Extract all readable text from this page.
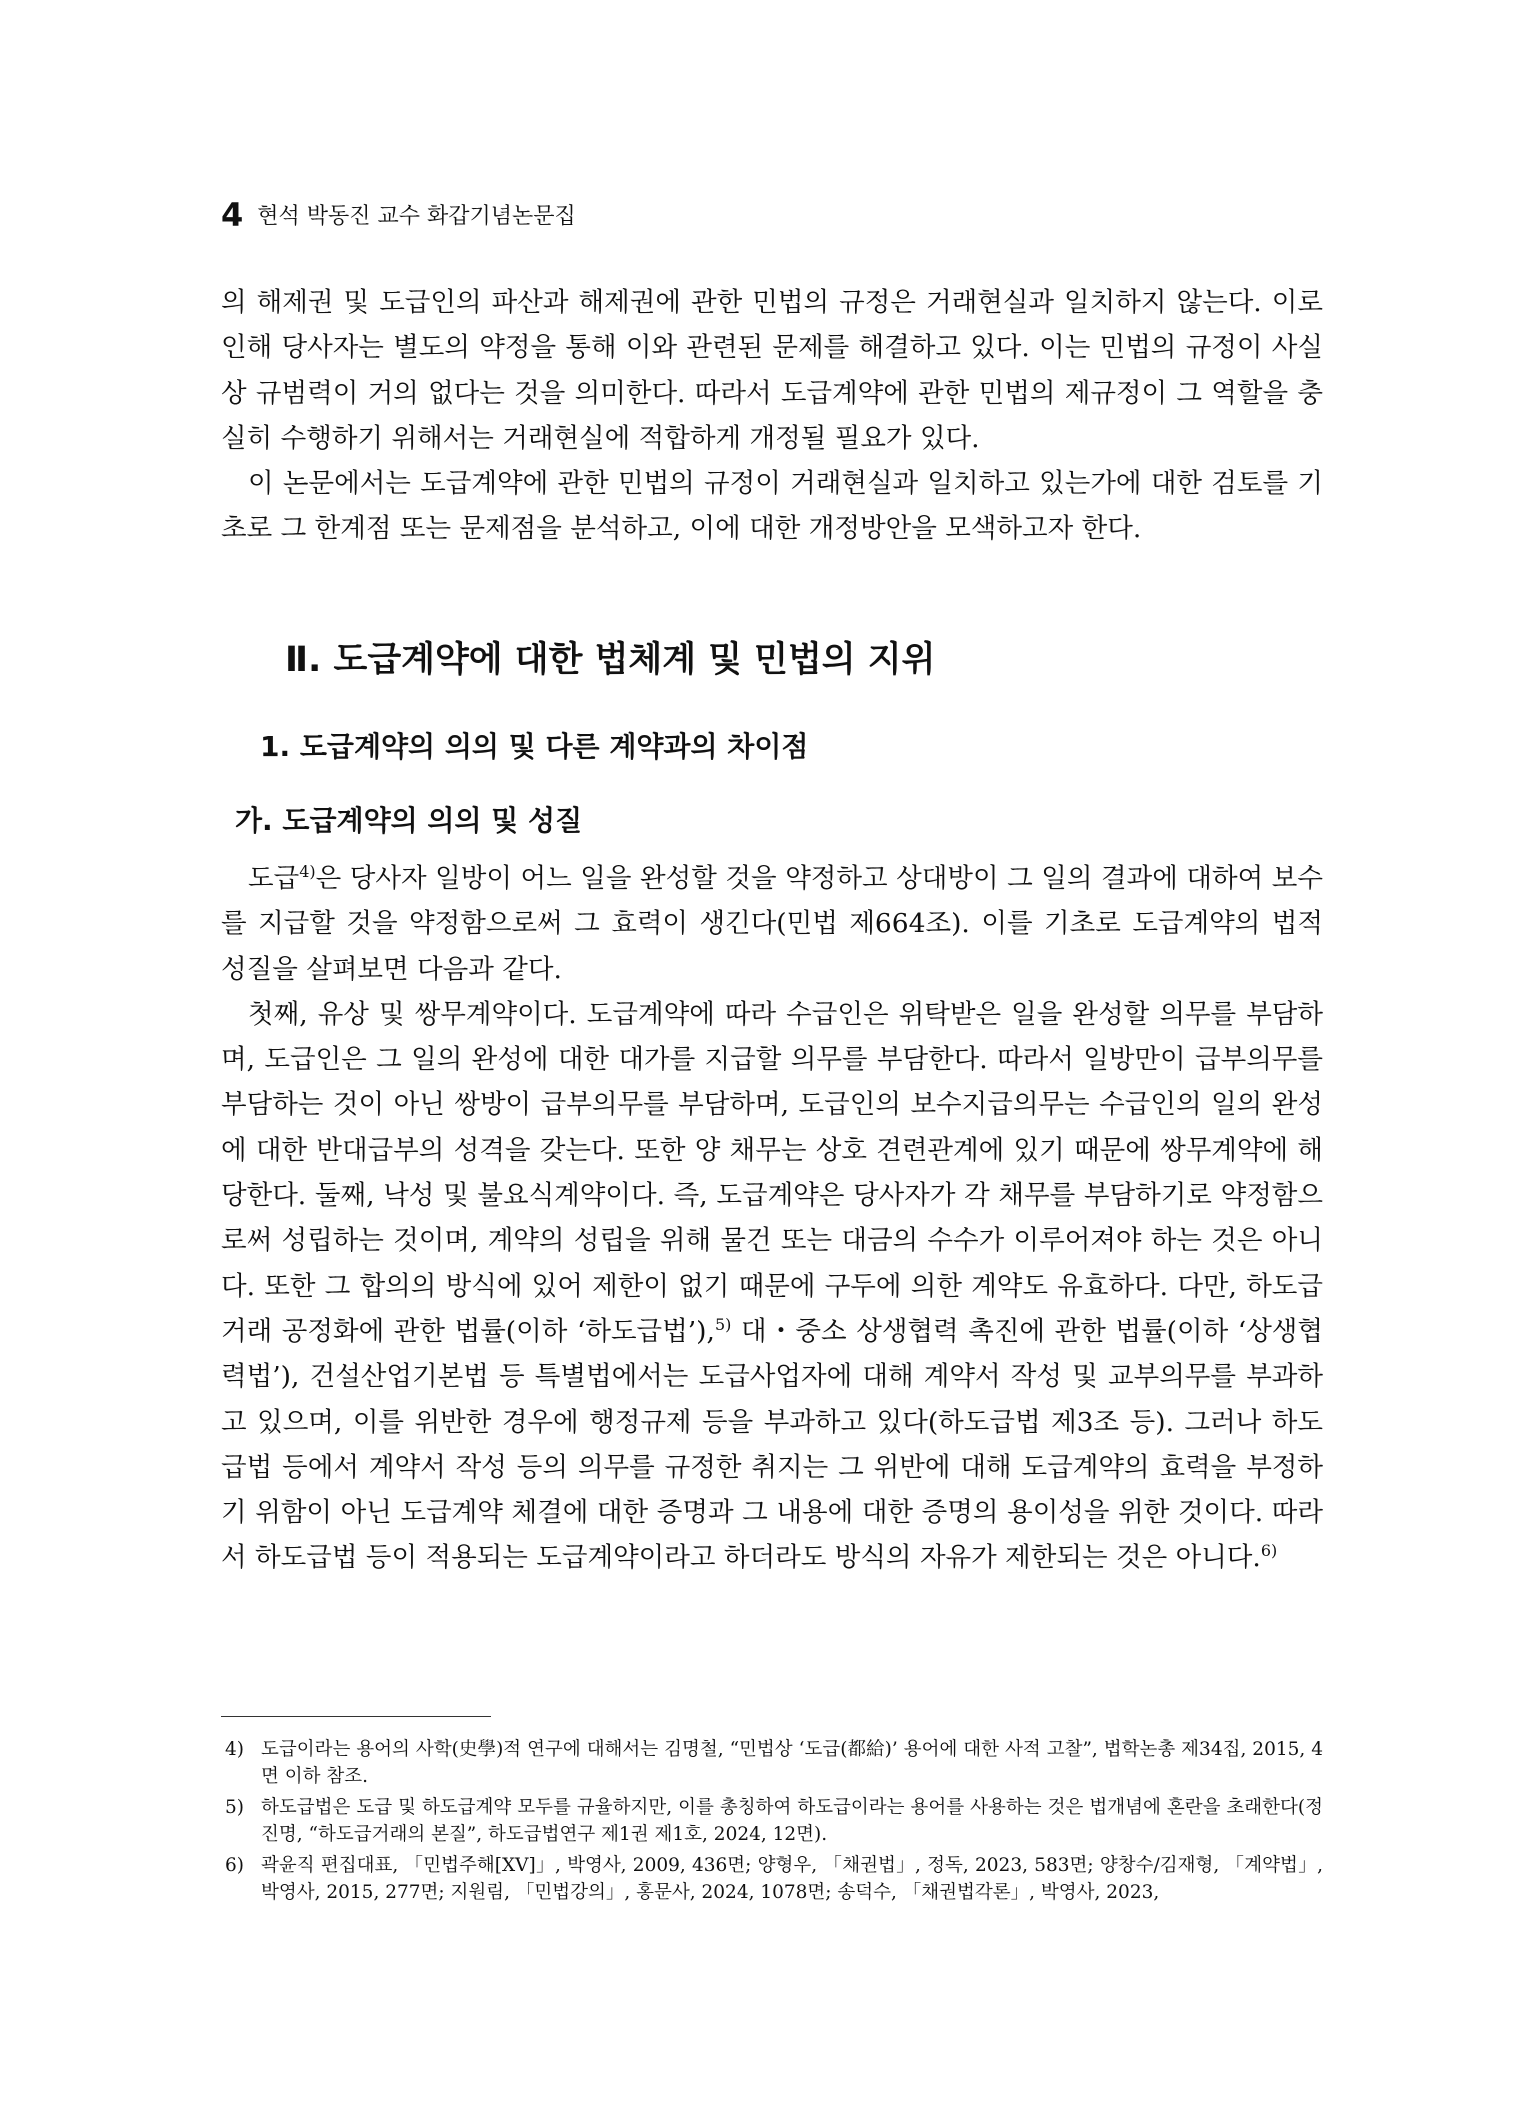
4 현석 박동진 교수 화갑기념논문집

의 해제권 및 도급인의 파산과 해제권에 관한 민법의 규정은 거래현실과 일치하지 않는다. 이로 인해 당사자는 별도의 약정을 통해 이와 관련된 문제를 해결하고 있다. 이는 민법의 규정이 사실상 규범력이 거의 없다는 것을 의미한다. 따라서 도급계약에 관한 민법의 제규정이 그 역할을 충실히 수행하기 위해서는 거래현실에 적합하게 개정될 필요가 있다.

이 논문에서는 도급계약에 관한 민법의 규정이 거래현실과 일치하고 있는가에 대한 검토를 기초로 그 한계점 또는 문제점을 분석하고, 이에 대한 개정방안을 모색하고자 한다.

Ⅱ. 도급계약에 대한 법체계 및 민법의 지위
1. 도급계약의 의의 및 다른 계약과의 차이점
가. 도급계약의 의의 및 성질

도급$^{4)}$은 당사자 일방이 어느 일을 완성할 것을 약정하고 상대방이 그 일의 결과에 대하여 보수를 지급할 것을 약정함으로써 그 효력이 생긴다(민법 제664조). 이를 기초로 도급계약의 법적 성질을 살펴보면 다음과 같다.

첫째, 유상 및 쌍무계약이다. 도급계약에 따라 수급인은 위탁받은 일을 완성할 의무를 부담하며, 도급인은 그 일의 완성에 대한 대가를 지급할 의무를 부담한다. 따라서 일방만이 급부의무를 부담하는 것이 아닌 쌍방이 급부의무를 부담하며, 도급인의 보수지급의무는 수급인의 일의 완성에 대한 반대급부의 성격을 갖는다. 또한 양 채무는 상호 견련관계에 있기 때문에 쌍무계약에 해당한다. 둘째, 낙성 및 불요식계약이다. 즉, 도급계약은 당사자가 각 채무를 부담하기로 약정함으로써 성립하는 것이며, 계약의 성립을 위해 물건 또는 대금의 수수가 이루어져야 하는 것은 아니다. 또한 그 합의의 방식에 있어 제한이 없기 때문에 구두에 의한 계약도 유효하다. 다만, 하도급거래 공정화에 관한 법률(이하 ‘하도급법’),$^{5)}$ 대・중소 상생협력 촉진에 관한 법률(이하 ‘상생협력법’), 건설산업기본법 등 특별법에서는 도급사업자에 대해 계약서 작성 및 교부의무를 부과하고 있으며, 이를 위반한 경우에 행정규제 등을 부과하고 있다(하도급법 제3조 등). 그러나 하도급법 등에서 계약서 작성 등의 의무를 규정한 취지는 그 위반에 대해 도급계약의 효력을 부정하기 위함이 아닌 도급계약 체결에 대한 증명과 그 내용에 대한 증명의 용이성을 위한 것이다. 따라서 하도급법 등이 적용되는 도급계약이라고 하더라도 방식의 자유가 제한되는 것은 아니다.$^{6)}$

4) 도급이라는 용어의 사학(史學)적 연구에 대해서는 김명철, “민법상 ‘도급(都給)’ 용어에 대한 사적 고찰”, 법학논총 제34집, 2015, 4면 이하 참조.
5) 하도급법은 도급 및 하도급계약 모두를 규율하지만, 이를 총칭하여 하도급이라는 용어를 사용하는 것은 법개념에 혼란을 초래한다(정진명, “하도급거래의 본질”, 하도급법연구 제1권 제1호, 2024, 12면).
6) 곽윤직 편집대표, 「민법주해[XV]」, 박영사, 2009, 436면; 양형우, 「채권법」, 정독, 2023, 583면; 양창수/김재형, 「계약법」, 박영사, 2015, 277면; 지원림, 「민법강의」, 홍문사, 2024, 1078면; 송덕수, 「채권법각론」, 박영사, 2023,
